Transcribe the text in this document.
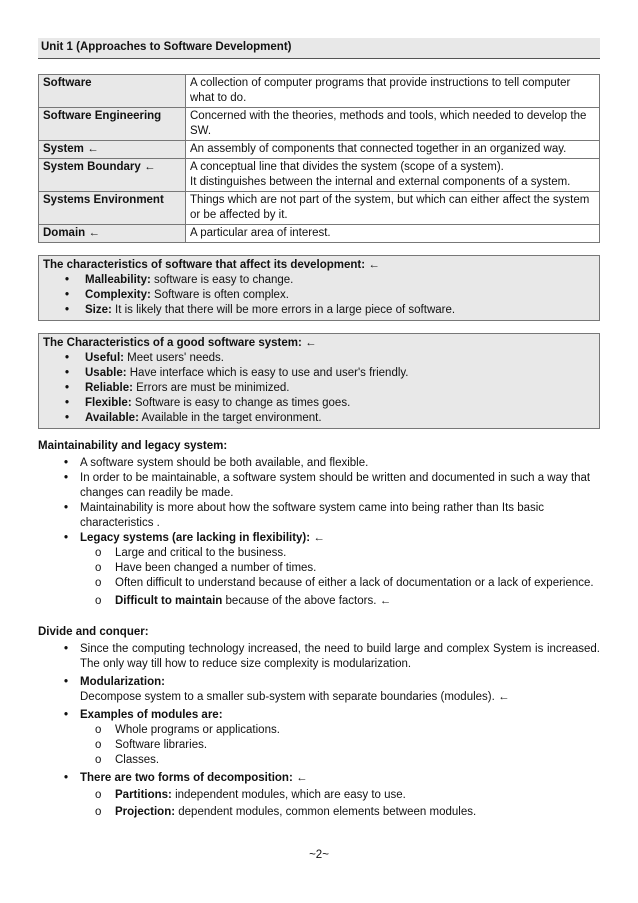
Unit 1 (Approaches to Software Development)
Software	A collection of computer programs that provide instructions to tell computer what to do.
Software Engineering	Concerned with the theories, methods and tools, which needed to develop the SW.
System ←	An assembly of components that connected together in an organized way.
System Boundary ←	A conceptual line that divides the system (scope of a system).
It distinguishes between the internal and external components of a system.

Systems Environment	Things which are not part of the system, but which can either affect the system or be affected by it.
Domain ←	A particular area of interest.
The characteristics of software that affect its development: ←
• Malleability: software is easy to change.
• Complexity: Software is often complex.
• Size: It is likely that there will be more errors in a large piece of software.
The Characteristics of a good software system: ←
• Useful: Meet users' needs.
• Usable: Have interface which is easy to use and user's friendly.
• Reliable: Errors are must be minimized.
• Flexible: Software is easy to change as times goes.
• Available: Available in the target environment.
Maintainability and legacy system:
• A software system should be both available, and flexible.
• In order to be maintainable, a software system should be written and documented in such a way that changes can readily be made.
• Maintainability is more about how the software system came into being rather than Its basic characteristics .
• Legacy systems (are lacking in flexibility): ←
o Large and critical to the business.
o Have been changed a number of times.
o Often difficult to understand because of either a lack of documentation or a lack of experience.
o Difficult to maintain because of the above factors. ←
Divide and conquer:
• Since the computing technology increased, the need to build large and complex System is increased. The only way till how to reduce size complexity is modularization.
• Modularization:
Decompose system to a smaller sub-system with separate boundaries (modules). ←
• Examples of modules are:
o Whole programs or applications.
o Software libraries.
o Classes.
• There are two forms of decomposition: ←
o Partitions: independent modules, which are easy to use.
o Projection: dependent modules, common elements between modules.
~2~
